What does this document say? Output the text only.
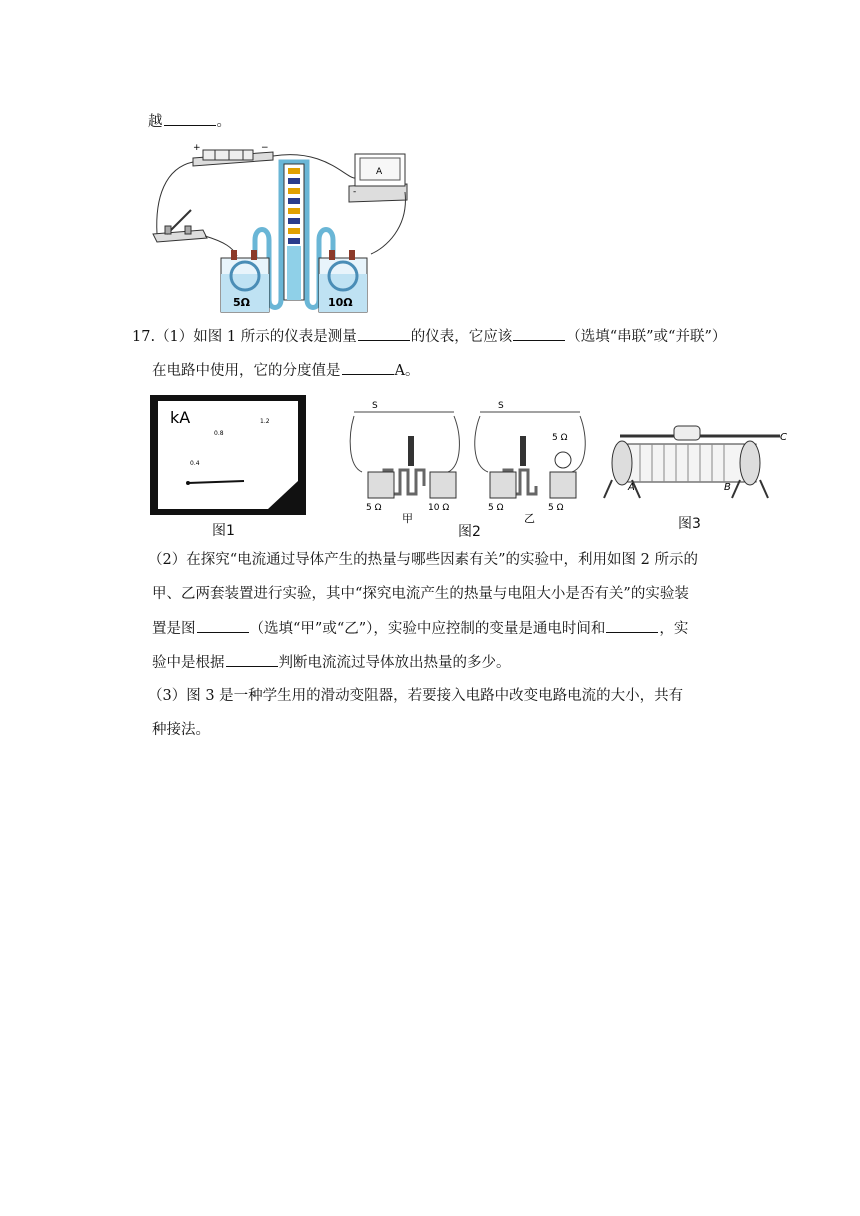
越	。
+	−
A
-
5Ω	10Ω
17.（1）如图 1 所示的仪表是测量	的仪表，它应该	（选填“串联”或“并联”）
在电路中使用，它的分度值是	A。
kA
0.8
1.2
0.4
图1
S
5 Ω	10 Ω
甲
S
5 Ω
5 Ω	5 Ω
乙
图2
A	B
C
图3
（2）在探究“电流通过导体产生的热量与哪些因素有关”的实验中，利用如图 2 所示的
甲、乙两套装置进行实验，其中“探究电流产生的热量与电阻大小是否有关”的实验装
置是图	（选填“甲”或“乙”），实验中应控制的变量是通电时间和	，实
验中是根据	判断电流流过导体放出热量的多少。
（3）图 3 是一种学生用的滑动变阻器，若要接入电路中改变电路电流的大小，共有
种接法。
